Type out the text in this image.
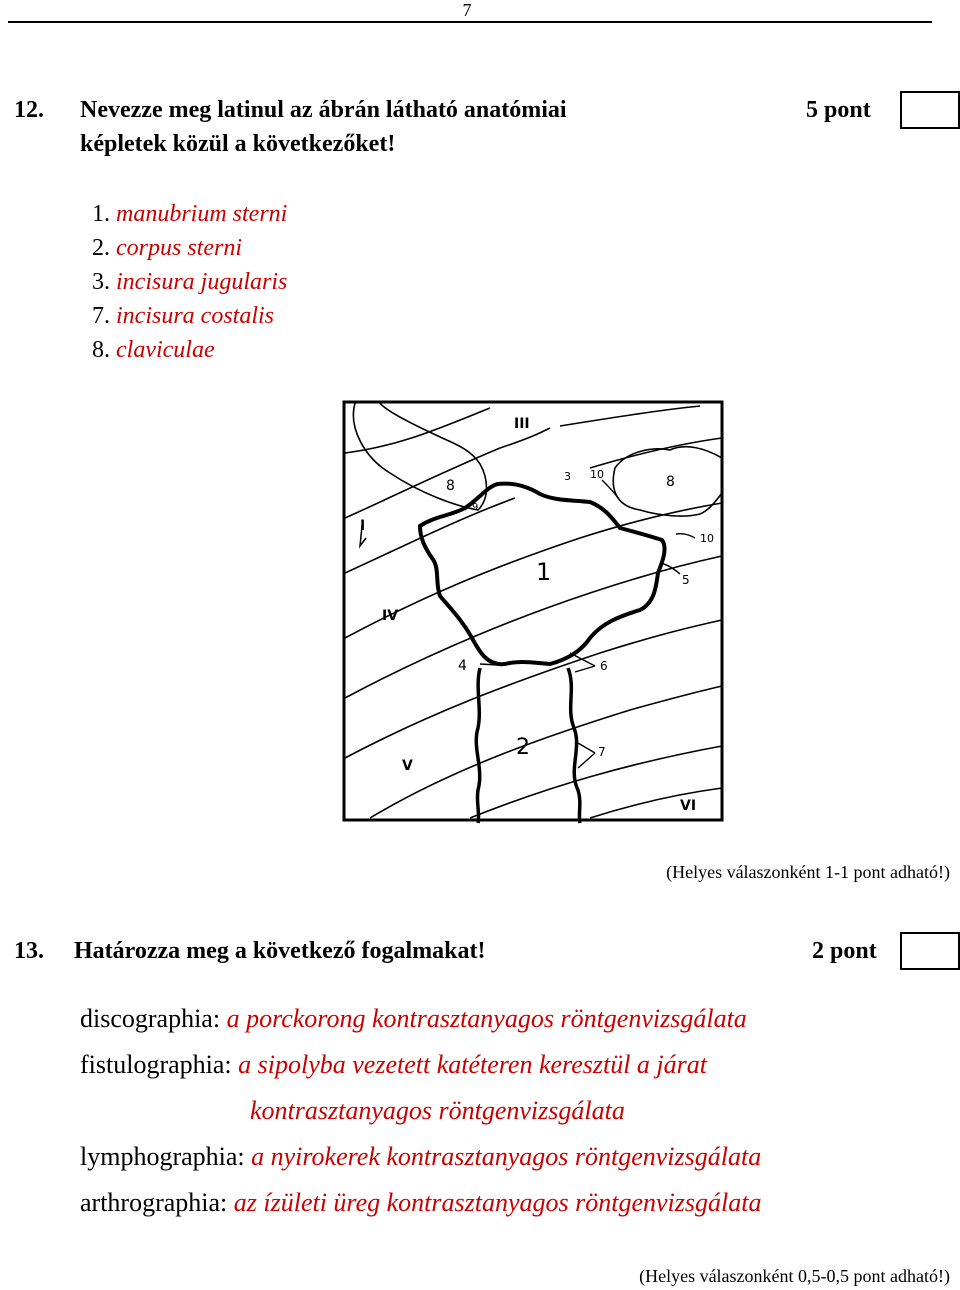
7
12. Nevezze meg latinul az ábrán látható anatómiai
képletek közül a következőket!
5 pont
1. manubrium sterni
2. corpus sterni
3. incisura jugularis
7. incisura costalis
8. claviculae
III
I
IV
V
VI
8	8
3 10
10
9
1	5
4	6
2	7
(Helyes válaszonként 1-1 pont adható!)
13. Határozza meg a következő fogalmakat!	2 pont
discographia: a porckorong kontrasztanyagos röntgenvizsgálata
fistulographia: a sipolyba vezetett katéteren keresztül a járat
kontrasztanyagos röntgenvizsgálata
lymphographia: a nyirokerek kontrasztanyagos röntgenvizsgálata
arthrographia: az ízületi üreg kontrasztanyagos röntgenvizsgálata
(Helyes válaszonként 0,5-0,5 pont adható!)
